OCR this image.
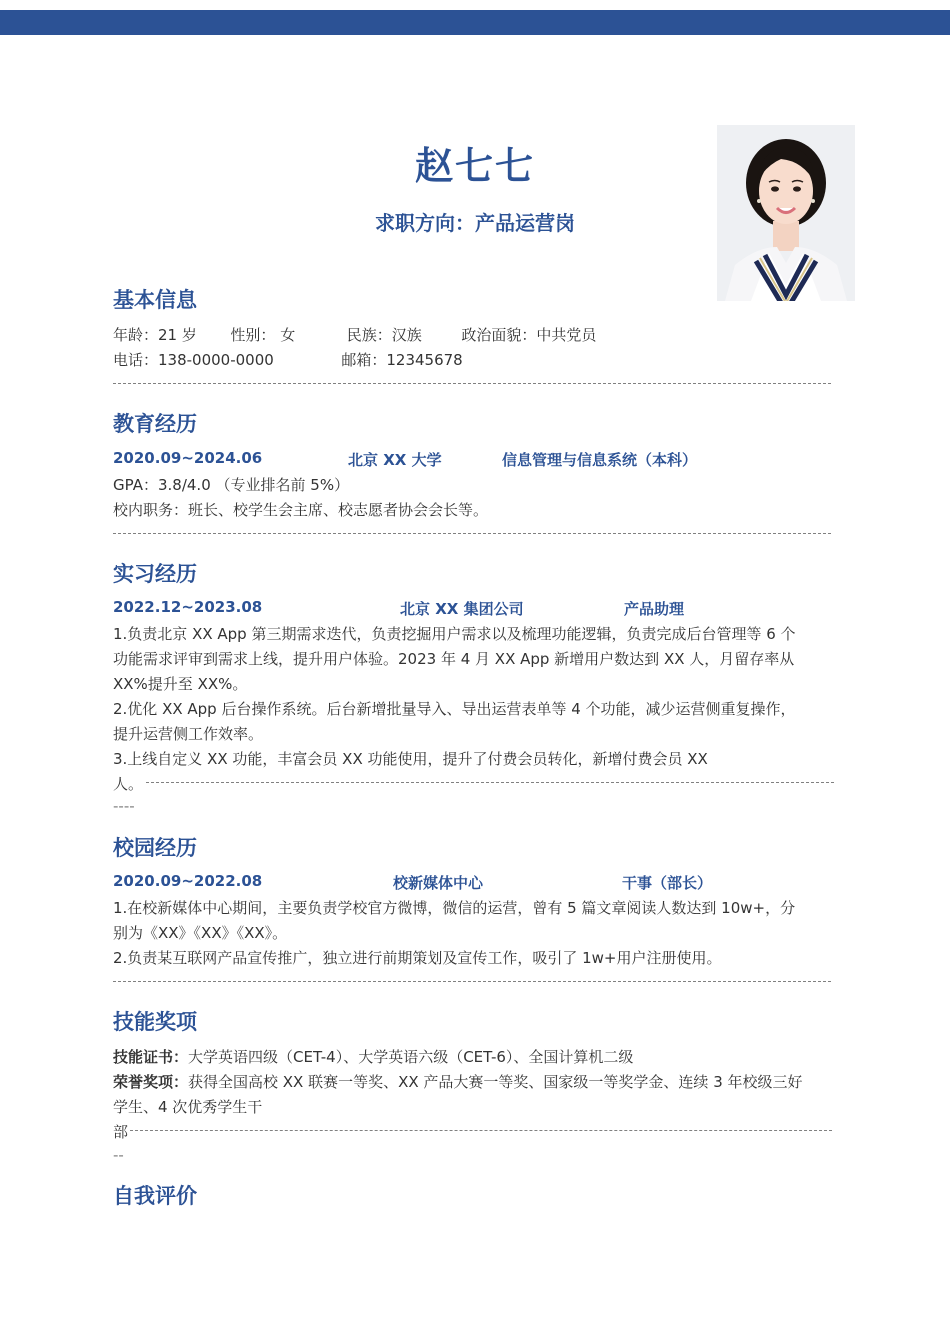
赵七七
求职方向：产品运营岗
基本信息
年龄：21 岁 性别： 女	民族：汉族	政治面貌：中共党员
电话：138-0000-0000	邮箱：12345678
教育经历
2020.09~2024.06	北京 XX 大学	信息管理与信息系统（本科）
GPA：3.8/4.0 （专业排名前 5%）
校内职务：班长、校学生会主席、校志愿者协会会长等。
实习经历
2022.12~2023.08	北京 XX 集团公司	产品助理
1.负责北京 XX App 第三期需求迭代，负责挖掘用户需求以及梳理功能逻辑，负责完成后台管理等 6 个
功能需求评审到需求上线，提升用户体验。2023 年 4 月 XX App 新增用户数达到 XX 人，月留存率从
XX%提升至 XX%。
2.优化 XX App 后台操作系统。后台新增批量导入、导出运营表单等 4 个功能，减少运营侧重复操作，
提升运营侧工作效率。
3.上线自定义 XX 功能，丰富会员 XX 功能使用，提升了付费会员转化，新增付费会员 XX
人。
----
校园经历
2020.09~2022.08	校新媒体中心	干事（部长）
1.在校新媒体中心期间，主要负责学校官方微博，微信的运营，曾有 5 篇文章阅读人数达到 10w+，分
别为《XX》《XX》《XX》。
2.负责某互联网产品宣传推广，独立进行前期策划及宣传工作，吸引了 1w+用户注册使用。
技能奖项
技能证书：大学英语四级（CET-4）、大学英语六级（CET-6）、全国计算机二级
荣誉奖项：获得全国高校 XX 联赛一等奖、XX 产品大赛一等奖、国家级一等奖学金、连续 3 年校级三好
学生、4 次优秀学生干
部
--
自我评价
